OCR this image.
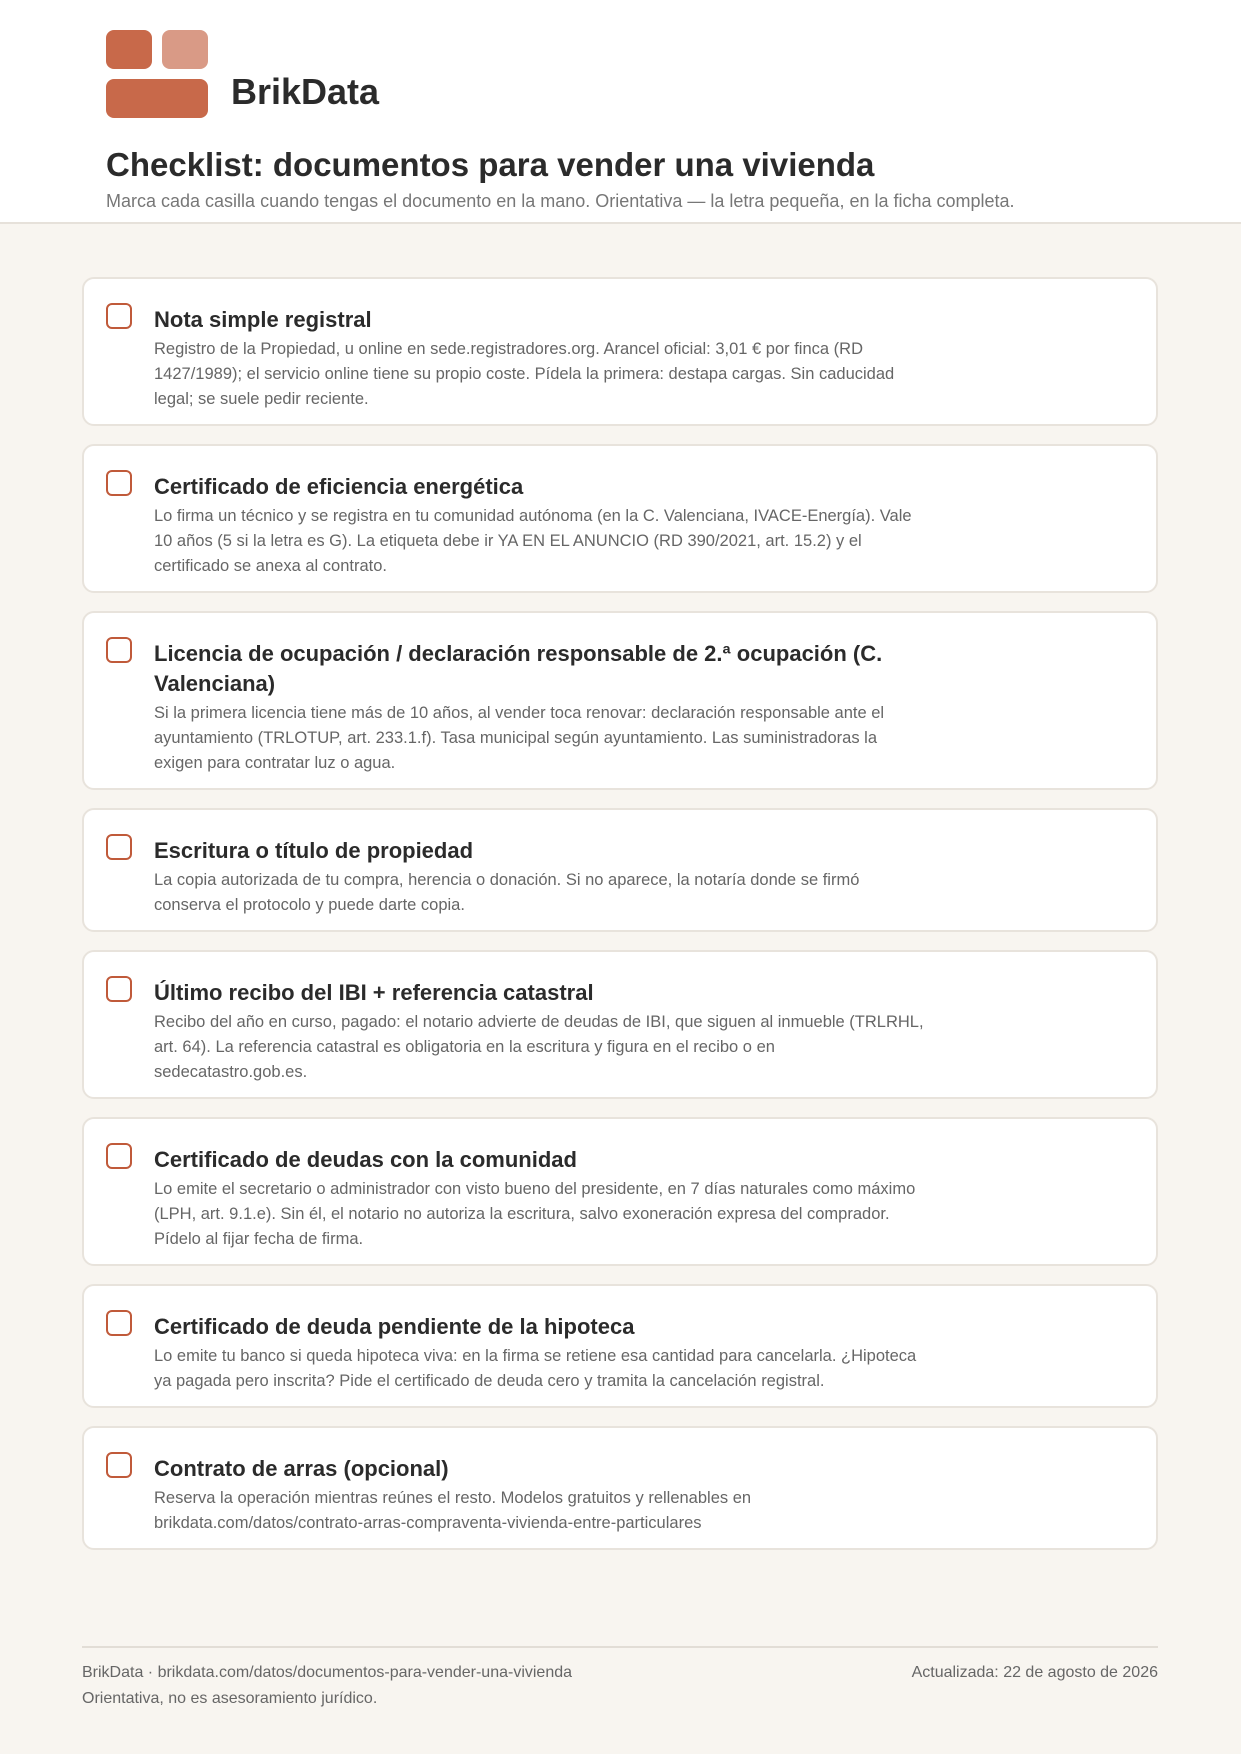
BrikData
Checklist: documentos para vender una vivienda
Marca cada casilla cuando tengas el documento en la mano. Orientativa — la letra pequeña, en la ficha completa.
Nota simple registral

Registro de la Propiedad, u online en sede.registradores.org. Arancel oficial: 3,01 € por finca (RD 1427/1989); el servicio online tiene su propio coste. Pídela la primera: destapa cargas. Sin caducidad legal; se suele pedir reciente.

Certificado de eficiencia energética

Lo firma un técnico y se registra en tu comunidad autónoma (en la C. Valenciana, IVACE-Energía). Vale 10 años (5 si la letra es G). La etiqueta debe ir YA EN EL ANUNCIO (RD 390/2021, art. 15.2) y el certificado se anexa al contrato.

Licencia de ocupación / declaración responsable de 2.ª ocupación (C. Valenciana)

Si la primera licencia tiene más de 10 años, al vender toca renovar: declaración responsable ante el ayuntamiento (TRLOTUP, art. 233.1.f). Tasa municipal según ayuntamiento. Las suministradoras la exigen para contratar luz o agua.

Escritura o título de propiedad

La copia autorizada de tu compra, herencia o donación. Si no aparece, la notaría donde se firmó conserva el protocolo y puede darte copia.

Último recibo del IBI + referencia catastral

Recibo del año en curso, pagado: el notario advierte de deudas de IBI, que siguen al inmueble (TRLRHL, art. 64). La referencia catastral es obligatoria en la escritura y figura en el recibo o en sedecatastro.gob.es.

Certificado de deudas con la comunidad

Lo emite el secretario o administrador con visto bueno del presidente, en 7 días naturales como máximo (LPH, art. 9.1.e). Sin él, el notario no autoriza la escritura, salvo exoneración expresa del comprador. Pídelo al fijar fecha de firma.

Certificado de deuda pendiente de la hipoteca

Lo emite tu banco si queda hipoteca viva: en la firma se retiene esa cantidad para cancelarla. ¿Hipoteca ya pagada pero inscrita? Pide el certificado de deuda cero y tramita la cancelación registral.

Contrato de arras (opcional)

Reserva la operación mientras reúnes el resto. Modelos gratuitos y rellenables en brikdata.com/datos/contrato-arras-compraventa-vivienda-entre-particulares

BrikData · brikdata.com/datos/documentos-para-vender-una-vivienda
Orientativa, no es asesoramiento jurídico.
Actualizada: 22 de agosto de 2026
